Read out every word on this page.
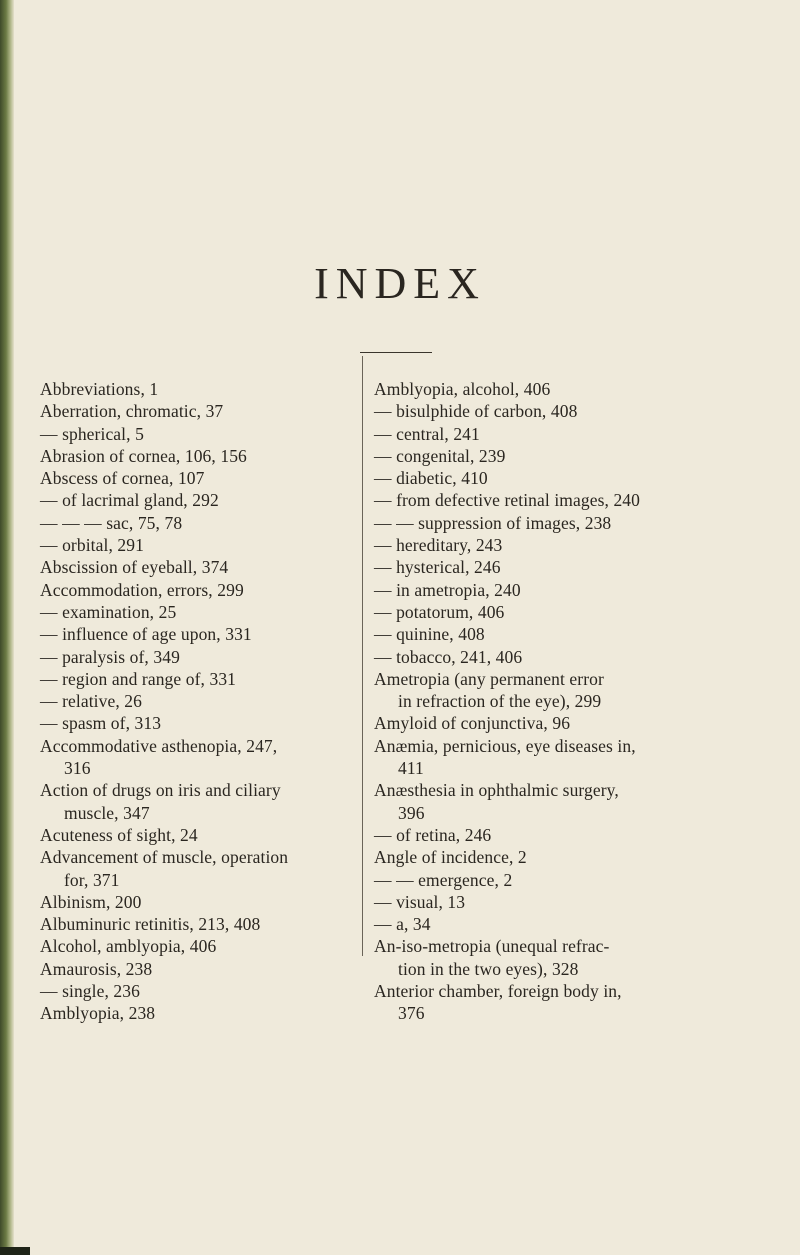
INDEX
Abbreviations, 1
Aberration, chromatic, 37
— spherical, 5
Abrasion of cornea, 106, 156
Abscess of cornea, 107
— of lacrimal gland, 292
— — — sac, 75, 78
— orbital, 291
Abscission of eyeball, 374
Accommodation, errors, 299
— examination, 25
— influence of age upon, 331
— paralysis of, 349
— region and range of, 331
— relative, 26
— spasm of, 313
Accommodative asthenopia, 247,
316
Action of drugs on iris and ciliary
muscle, 347
Acuteness of sight, 24
Advancement of muscle, operation
for, 371
Albinism, 200
Albuminuric retinitis, 213, 408
Alcohol, amblyopia, 406
Amaurosis, 238
— single, 236
Amblyopia, 238
Amblyopia, alcohol, 406
— bisulphide of carbon, 408
— central, 241
— congenital, 239
— diabetic, 410
— from defective retinal images, 240
— — suppression of images, 238
— hereditary, 243
— hysterical, 246
— in ametropia, 240
— potatorum, 406
— quinine, 408
— tobacco, 241, 406
Ametropia (any permanent error
in refraction of the eye), 299
Amyloid of conjunctiva, 96
Anæmia, pernicious, eye diseases in,
411
Anæsthesia in ophthalmic surgery,
396
— of retina, 246
Angle of incidence, 2
— — emergence, 2
— visual, 13
— a, 34
An-iso-metropia (unequal refrac-
tion in the two eyes), 328
Anterior chamber, foreign body in,
376
